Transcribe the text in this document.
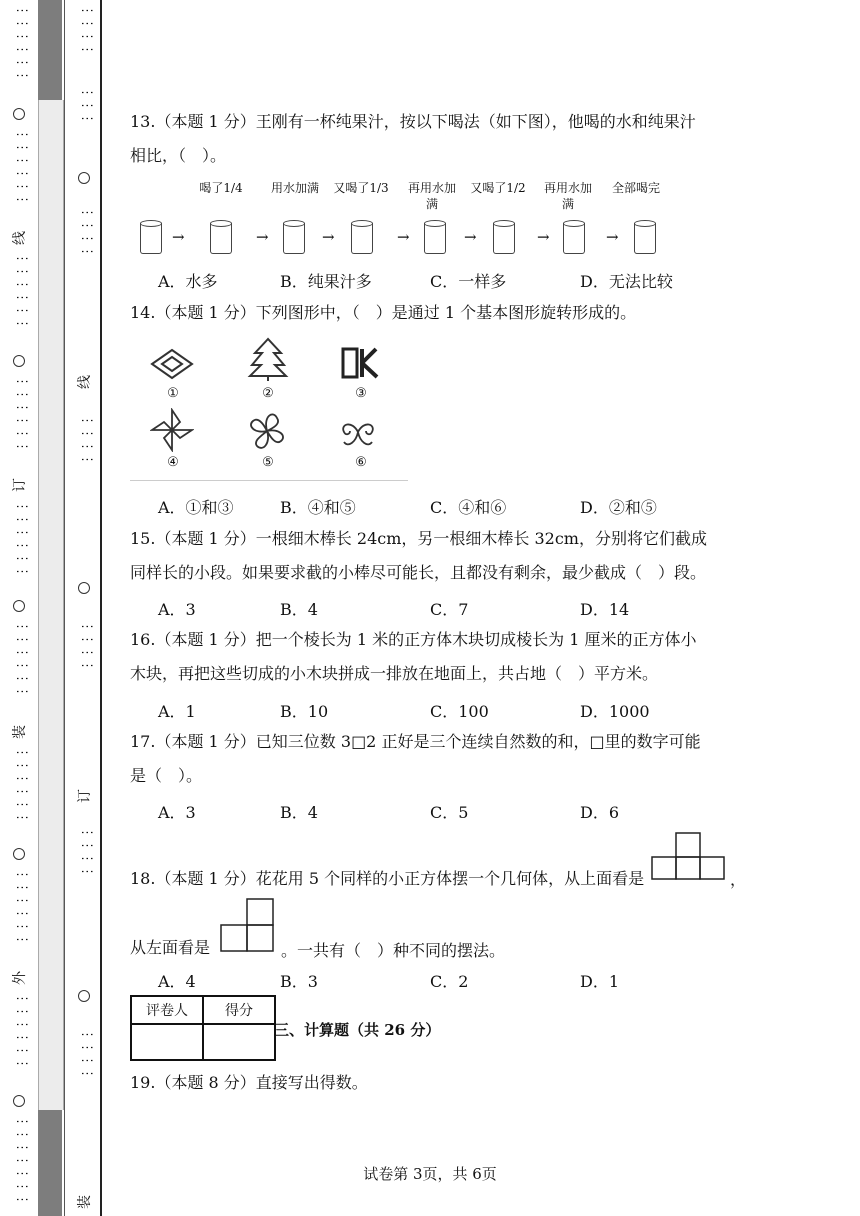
⋮⋮⋮⋮⋮⋮
⋮⋮⋮⋮⋮⋮
线
⋮⋮⋮⋮⋮⋮
⋮⋮⋮⋮⋮⋮
订
⋮⋮⋮⋮⋮⋮
⋮⋮⋮⋮⋮⋮
装
⋮⋮⋮⋮⋮⋮
⋮⋮⋮⋮⋮⋮
外
⋮⋮⋮⋮⋮⋮
⋮⋮⋮⋮⋮⋮⋮
⋮⋮⋮⋮
⋮⋮⋮
⋮⋮⋮⋮
线
⋮⋮⋮⋮
⋮⋮⋮⋮
订
⋮⋮⋮⋮
⋮⋮⋮⋮
装
13.（本题 1 分）王刚有一杯纯果汁，按以下喝法（如下图），他喝的水和纯果汁
相比，（　）。
喝了1/4	用水加满	又喝了1/3	再用水加满
又喝了1/2	再用水加满
全部喝完
→	→	→	→	→	→	→
A．水多	B．纯果汁多	C．一样多	D．无法比较
14.（本题 1 分）下列图形中，（　）是通过 1 个基本图形旋转形成的。
①	②	③
④	⑤	⑥
A．①和③	B．④和⑤	C．④和⑥	D．②和⑤
15.（本题 1 分）一根细木棒长 24cm，另一根细木棒长 32cm，分别将它们截成
同样长的小段。如果要求截的小棒尽可能长，且都没有剩余，最少截成（　）段。
A．3	B．4	C．7	D．14
16.（本题 1 分）把一个棱长为 1 米的正方体木块切成棱长为 1 厘米的正方体小
木块，再把这些切成的小木块拼成一排放在地面上，共占地（　）平方米。
A．1	B．10	C．100	D．1000
17.（本题 1 分）已知三位数 3□2 正好是三个连续自然数的和，□里的数字可能
是（　）。
A．3	B．4	C．5	D．6
18.（本题 1 分）花花用 5 个同样的小正方体摆一个几何体，从上面看是	，
从左面看是	。一共有（　）种不同的摆法。
A．4	B．3	C．2	D．1
评卷人	得分

三、计算题（共 26 分）
19.（本题 8 分）直接写出得数。
试卷第 3页，共 6页
